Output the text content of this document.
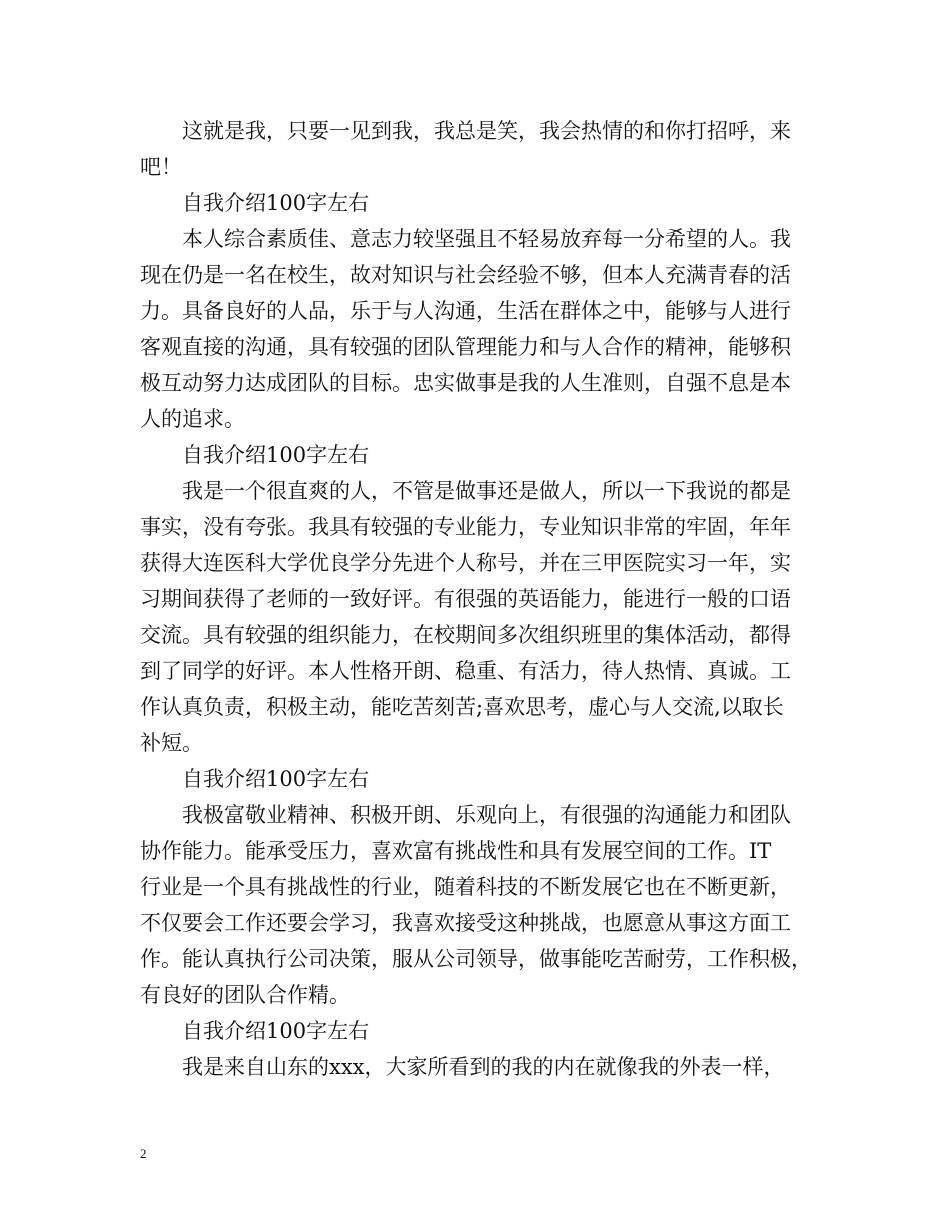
这就是我，只要一见到我，我总是笑，我会热情的和你打招呼，来
吧！
自我介绍100字左右
本人综合素质佳、意志力较坚强且不轻易放弃每一分希望的人。我
现在仍是一名在校生，故对知识与社会经验不够，但本人充满青春的活
力。具备良好的人品，乐于与人沟通，生活在群体之中，能够与人进行
客观直接的沟通，具有较强的团队管理能力和与人合作的精神，能够积
极互动努力达成团队的目标。忠实做事是我的人生准则，自强不息是本
人的追求。
自我介绍100字左右
我是一个很直爽的人，不管是做事还是做人，所以一下我说的都是
事实，没有夸张。我具有较强的专业能力，专业知识非常的牢固，年年
获得大连医科大学优良学分先进个人称号，并在三甲医院实习一年，实
习期间获得了老师的一致好评。有很强的英语能力，能进行一般的口语
交流。具有较强的组织能力，在校期间多次组织班里的集体活动，都得
到了同学的好评。本人性格开朗、稳重、有活力，待人热情、真诚。工
作认真负责，积极主动，能吃苦刻苦;喜欢思考，虚心与人交流,以取长
补短。
自我介绍100字左右
我极富敬业精神、积极开朗、乐观向上，有很强的沟通能力和团队
协作能力。能承受压力，喜欢富有挑战性和具有发展空间的工作。IT
行业是一个具有挑战性的行业，随着科技的不断发展它也在不断更新，
不仅要会工作还要会学习，我喜欢接受这种挑战，也愿意从事这方面工
作。能认真执行公司决策，服从公司领导，做事能吃苦耐劳，工作积极，
有良好的团队合作精。
自我介绍100字左右
我是来自山东的xxx，大家所看到的我的内在就像我的外表一样，
2
